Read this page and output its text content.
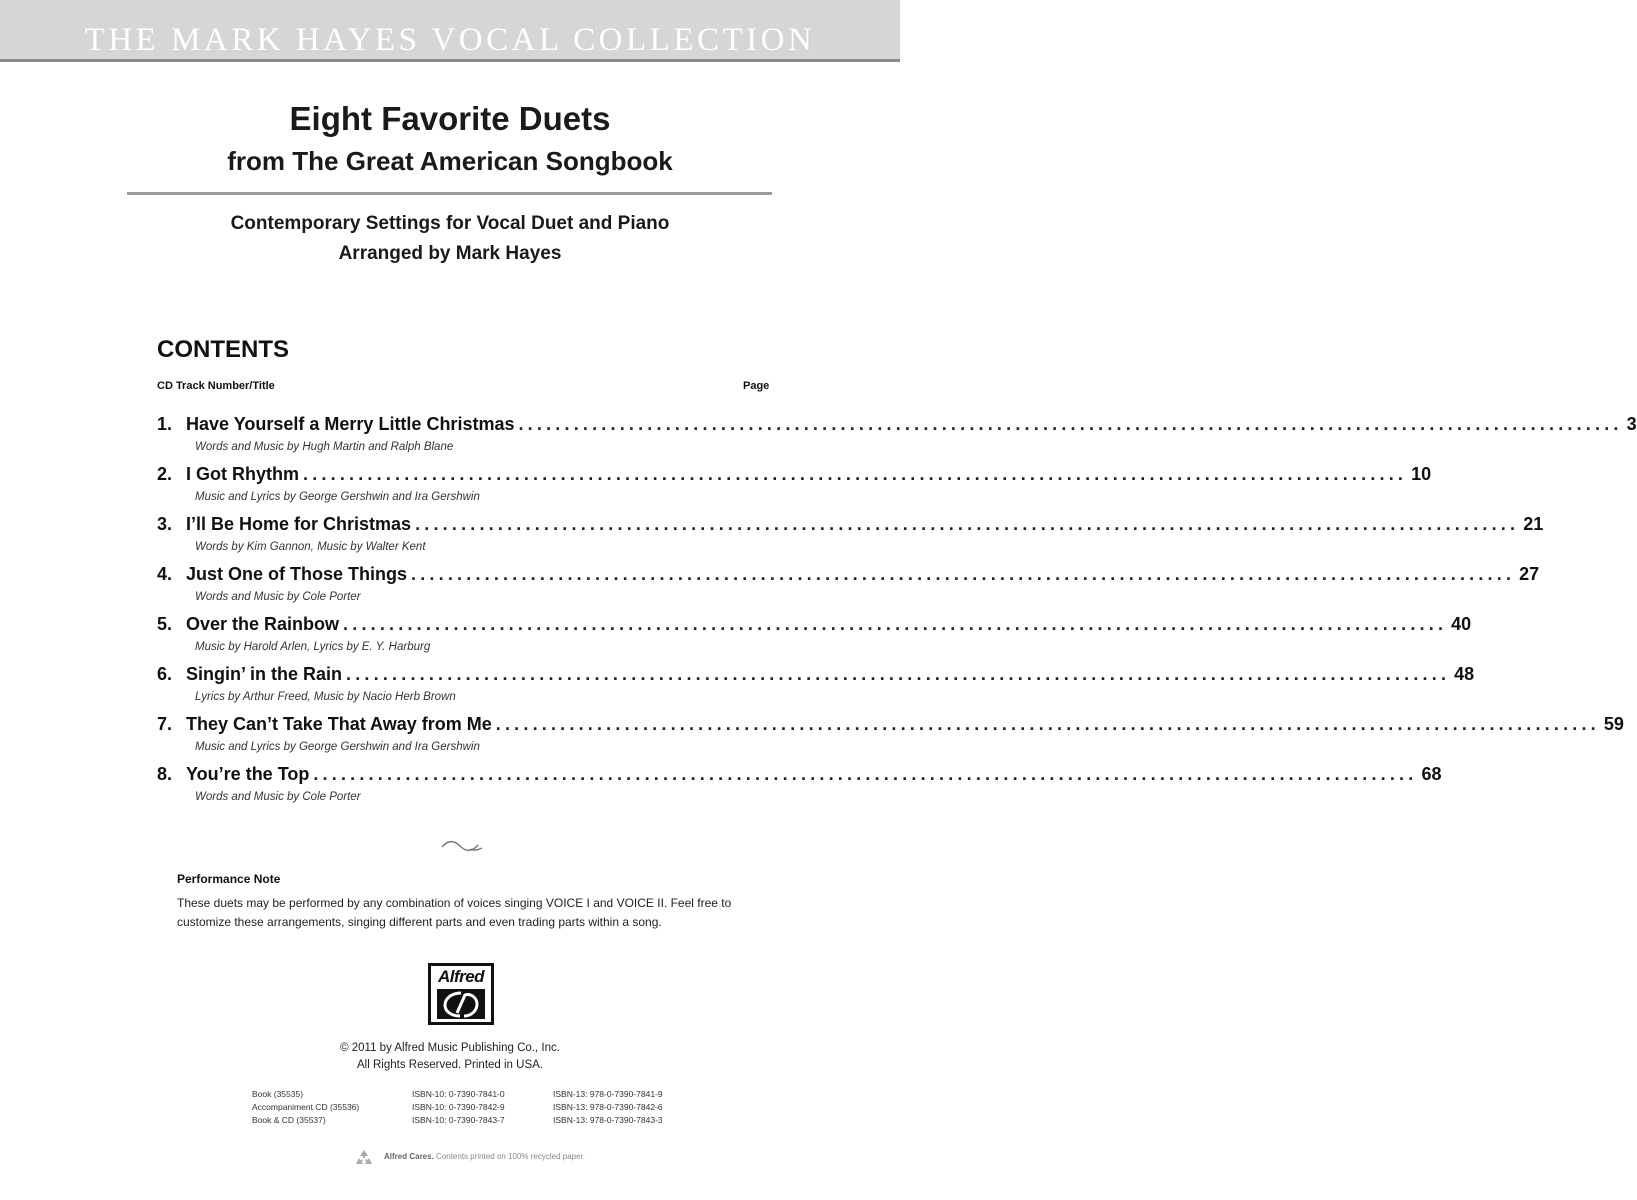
THE MARK HAYES VOCAL COLLECTION
Eight Favorite Duets
from The Great American Songbook
Contemporary Settings for Vocal Duet and Piano
Arranged by Mark Hayes
CONTENTS
CD Track Number/Title	Page
1. Have Yourself a Merry Little Christmas ........................................................................................................................ 3
Words and Music by Hugh Martin and Ralph Blane
2. I Got Rhythm ........................................................................................................................ 10
Music and Lyrics by George Gershwin and Ira Gershwin
3. I’ll Be Home for Christmas ........................................................................................................................ 21
Words by Kim Gannon, Music by Walter Kent
4. Just One of Those Things ........................................................................................................................ 27
Words and Music by Cole Porter
5. Over the Rainbow ........................................................................................................................ 40
Music by Harold Arlen, Lyrics by E. Y. Harburg
6. Singin’ in the Rain ........................................................................................................................ 48
Lyrics by Arthur Freed, Music by Nacio Herb Brown
7. They Can’t Take That Away from Me ........................................................................................................................ 59
Music and Lyrics by George Gershwin and Ira Gershwin
8. You’re the Top ........................................................................................................................ 68
Words and Music by Cole Porter
Performance Note
These duets may be performed by any combination of voices singing VOICE I and VOICE II. Feel free to customize these arrangements, singing different parts and even trading parts within a song.
Alfred
© 2011 by Alfred Music Publishing Co., Inc.
All Rights Reserved. Printed in USA.
Book (35535)
Accompaniment CD (35536)
Book & CD (35537)
ISBN-10: 0-7390-7841-0
ISBN-10: 0-7390-7842-9
ISBN-10: 0-7390-7843-7
ISBN-13: 978-0-7390-7841-9
ISBN-13: 978-0-7390-7842-6
ISBN-13: 978-0-7390-7843-3
Alfred Cares. Contents printed on 100% recycled paper.
